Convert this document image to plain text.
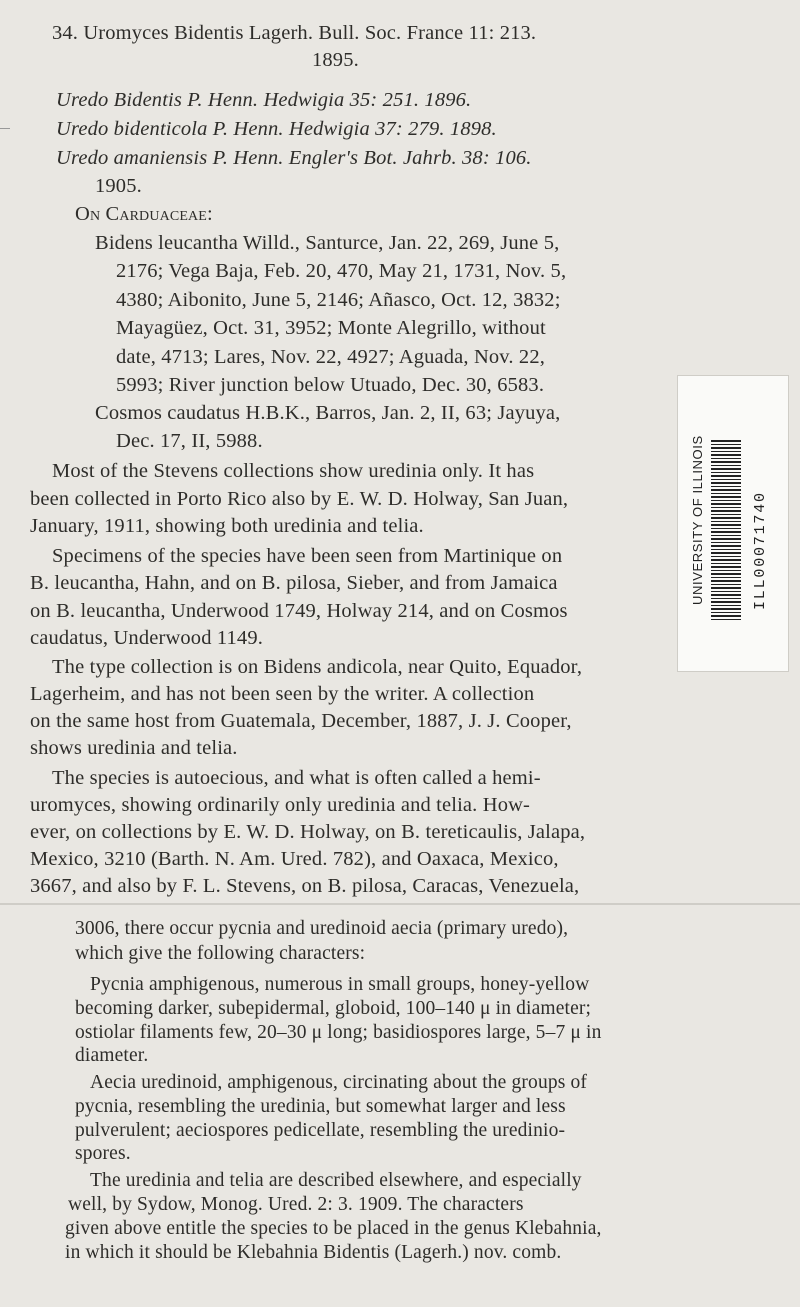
34. Uromyces Bidentis Lagerh. Bull. Soc. France 11: 213.
1895.
Uredo Bidentis P. Henn. Hedwigia 35: 251. 1896.
Uredo bidenticola P. Henn. Hedwigia 37: 279. 1898.
Uredo amaniensis P. Henn. Engler's Bot. Jahrb. 38: 106.
1905.
On Carduaceae:
Bidens leucantha Willd., Santurce, Jan. 22, 269, June 5,
2176; Vega Baja, Feb. 20, 470, May 21, 1731, Nov. 5,
4380; Aibonito, June 5, 2146; Añasco, Oct. 12, 3832;
Mayagüez, Oct. 31, 3952; Monte Alegrillo, without
date, 4713; Lares, Nov. 22, 4927; Aguada, Nov. 22,
5993; River junction below Utuado, Dec. 30, 6583.
Cosmos caudatus H.B.K., Barros, Jan. 2, II, 63; Jayuya,
Dec. 17, II, 5988.
Most of the Stevens collections show uredinia only. It has
been collected in Porto Rico also by E. W. D. Holway, San Juan,
January, 1911, showing both uredinia and telia.
Specimens of the species have been seen from Martinique on
B. leucantha, Hahn, and on B. pilosa, Sieber, and from Jamaica
on B. leucantha, Underwood 1749, Holway 214, and on Cosmos
caudatus, Underwood 1149.
The type collection is on Bidens andicola, near Quito, Equador,
Lagerheim, and has not been seen by the writer. A collection
on the same host from Guatemala, December, 1887, J. J. Cooper,
shows uredinia and telia.
The species is autoecious, and what is often called a hemi-
uromyces, showing ordinarily only uredinia and telia. How-
ever, on collections by E. W. D. Holway, on B. tereticaulis, Jalapa,
Mexico, 3210 (Barth. N. Am. Ured. 782), and Oaxaca, Mexico,
3667, and also by F. L. Stevens, on B. pilosa, Caracas, Venezuela,
3006, there occur pycnia and uredinoid aecia (primary uredo),
which give the following characters:
Pycnia amphigenous, numerous in small groups, honey-yellow
becoming darker, subepidermal, globoid, 100–140 μ in diameter;
ostiolar filaments few, 20–30 μ long; basidiospores large, 5–7 μ in
diameter.
Aecia uredinoid, amphigenous, circinating about the groups of
pycnia, resembling the uredinia, but somewhat larger and less
pulverulent; aeciospores pedicellate, resembling the uredinio-
spores.
The uredinia and telia are described elsewhere, and especially
well, by Sydow, Monog. Ured. 2: 3. 1909. The characters
given above entitle the species to be placed in the genus Klebahnia,
in which it should be Klebahnia Bidentis (Lagerh.) nov. comb.
UNIVERSITY OF ILLINOIS	ILL00071740
